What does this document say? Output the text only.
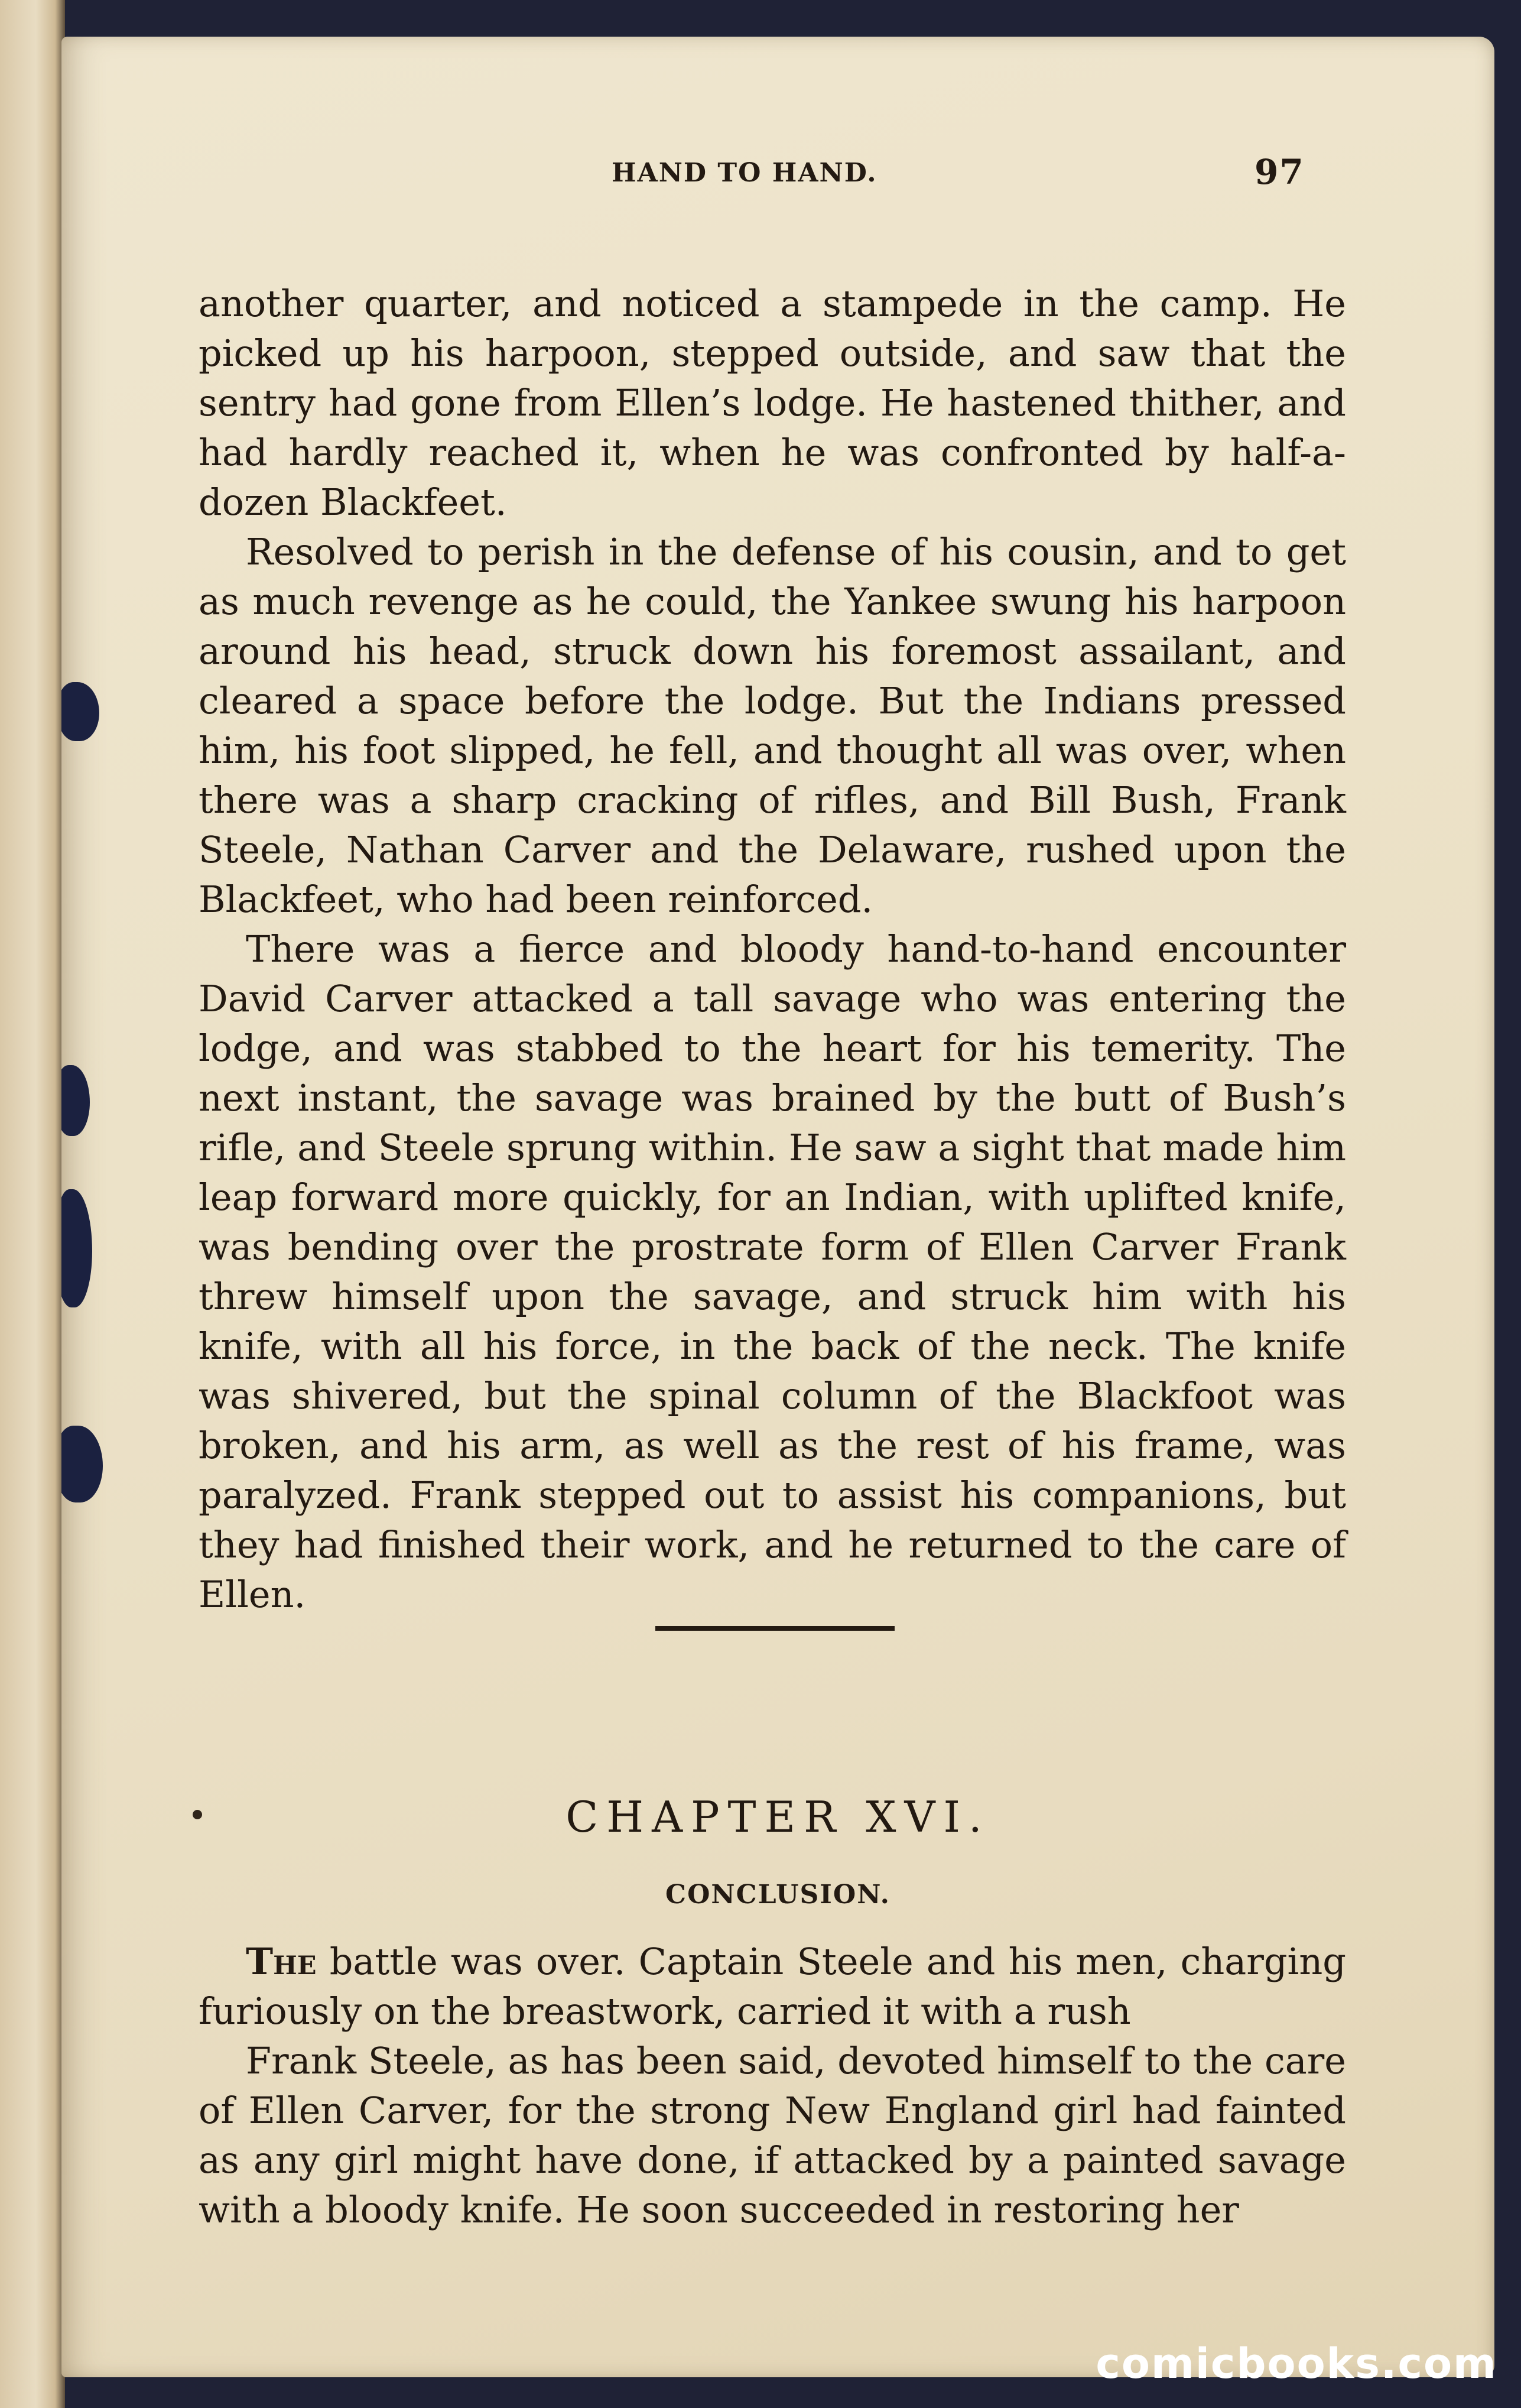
HAND TO HAND.	97

another quarter, and noticed a stampede in the camp. He picked up his harpoon, stepped outside, and saw that the sentry had gone from Ellen’s lodge. He hastened thither, and had hardly reached it, when he was confronted by half-a-dozen Blackfeet.

Resolved to perish in the defense of his cousin, and to get as much revenge as he could, the Yankee swung his harpoon around his head, struck down his foremost assailant, and cleared a space before the lodge. But the Indians pressed him, his foot slipped, he fell, and thought all was over, when there was a sharp cracking of rifles, and Bill Bush, Frank Steele, Nathan Carver and the Delaware, rushed upon the Blackfeet, who had been reinforced.

There was a fierce and bloody hand-to-hand encounter David Carver attacked a tall savage who was entering the lodge, and was stabbed to the heart for his temerity. The next instant, the savage was brained by the butt of Bush’s rifle, and Steele sprung within. He saw a sight that made him leap forward more quickly, for an Indian, with uplifted knife, was bending over the prostrate form of Ellen Carver Frank threw himself upon the savage, and struck him with his knife, with all his force, in the back of the neck. The knife was shivered, but the spinal column of the Blackfoot was broken, and his arm, as well as the rest of his frame, was paralyzed. Frank stepped out to assist his companions, but they had finished their work, and he returned to the care of Ellen.

CHAPTER XVI.
CONCLUSION.

The battle was over. Captain Steele and his men, charging furiously on the breastwork, carried it with a rush

Frank Steele, as has been said, devoted himself to the care of Ellen Carver, for the strong New England girl had fainted as any girl might have done, if attacked by a painted savage with a bloody knife. He soon succeeded in restoring her

comicbooks.com
